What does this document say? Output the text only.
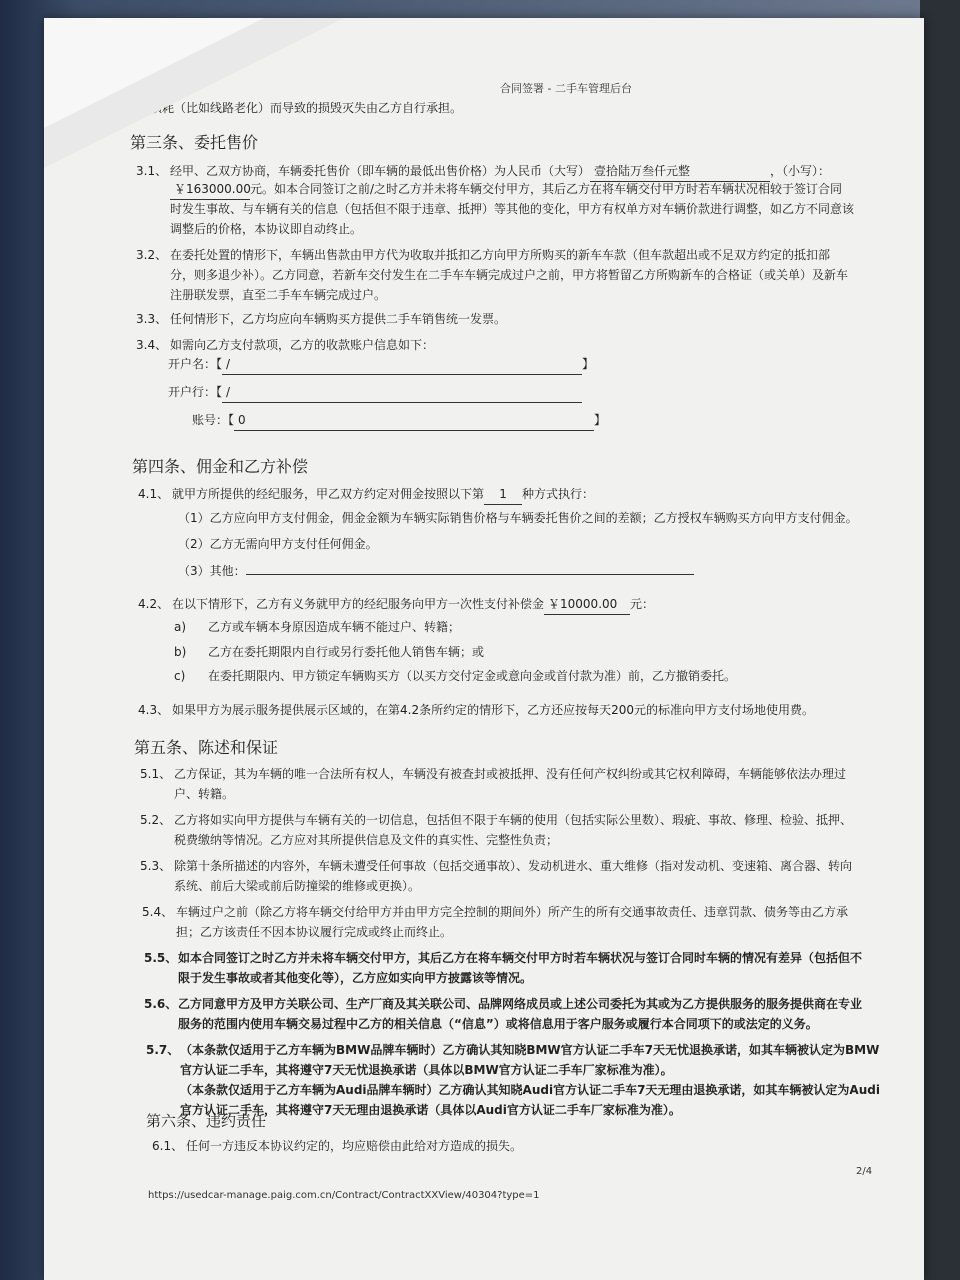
10:39	合同签署 - 二手车管理后台
损耗（比如线路老化）而导致的损毁灭失由乙方自行承担。
第三条、委托售价
3.1、 经甲、乙双方协商，车辆委托售价（即车辆的最低出售价格）为人民币（大写） 壹拾陆万叁仟元整	，（小写）：
￥163000.00元。如本合同签订之前/之时乙方并未将车辆交付甲方，其后乙方在将车辆交付甲方时若车辆状况相较于签订合同
时发生事故、与车辆有关的信息（包括但不限于违章、抵押）等其他的变化，甲方有权单方对车辆价款进行调整，如乙方不同意该
调整后的价格，本协议即自动终止。
3.2、 在委托处置的情形下，车辆出售款由甲方代为收取并抵扣乙方向甲方所购买的新车车款（但车款超出或不足双方约定的抵扣部
分，则多退少补）。乙方同意，若新车交付发生在二手车车辆完成过户之前，甲方将暂留乙方所购新车的合格证（或关单）及新车
注册联发票，直至二手车车辆完成过户。
3.3、 任何情形下，乙方均应向车辆购买方提供二手车销售统一发票。
3.4、 如需向乙方支付款项，乙方的收款账户信息如下：
开户名：【 /	】
开户行：【 /
账号：【 0	】
第四条、佣金和乙方补偿
4.1、 就甲方所提供的经纪服务，甲乙双方约定对佣金按照以下第 1 种方式执行：
（1）乙方应向甲方支付佣金，佣金金额为车辆实际销售价格与车辆委托售价之间的差额；乙方授权车辆购买方向甲方支付佣金。
（2）乙方无需向甲方支付任何佣金。
（3）其他：
4.2、 在以下情形下，乙方有义务就甲方的经纪服务向甲方一次性支付补偿金 ￥10000.00 元：
a) 乙方或车辆本身原因造成车辆不能过户、转籍；
b) 乙方在委托期限内自行或另行委托他人销售车辆；或
c) 在委托期限内、甲方锁定车辆购买方（以买方交付定金或意向金或首付款为准）前，乙方撤销委托。
4.3、 如果甲方为展示服务提供展示区域的，在第4.2条所约定的情形下，乙方还应按每天200元的标准向甲方支付场地使用费。
第五条、陈述和保证
5.1、 乙方保证，其为车辆的唯一合法所有权人，车辆没有被查封或被抵押、没有任何产权纠纷或其它权利障碍，车辆能够依法办理过
户、转籍。
5.2、 乙方将如实向甲方提供与车辆有关的一切信息，包括但不限于车辆的使用（包括实际公里数）、瑕疵、事故、修理、检验、抵押、
税费缴纳等情况。乙方应对其所提供信息及文件的真实性、完整性负责；
5.3、 除第十条所描述的内容外，车辆未遭受任何事故（包括交通事故）、发动机进水、重大维修（指对发动机、变速箱、离合器、转向
系统、前后大梁或前后防撞梁的维修或更换）。
5.4、 车辆过户之前（除乙方将车辆交付给甲方并由甲方完全控制的期间外）所产生的所有交通事故责任、违章罚款、债务等由乙方承
担；乙方该责任不因本协议履行完成或终止而终止。
5.5、如本合同签订之时乙方并未将车辆交付甲方，其后乙方在将车辆交付甲方时若车辆状况与签订合同时车辆的情况有差异（包括但不
限于发生事故或者其他变化等），乙方应如实向甲方披露该等情况。
5.6、乙方同意甲方及甲方关联公司、生产厂商及其关联公司、品牌网络成员或上述公司委托为其或为乙方提供服务的服务提供商在专业
服务的范围内使用车辆交易过程中乙方的相关信息（“信息”）或将信息用于客户服务或履行本合同项下的或法定的义务。
5.7、（本条款仅适用于乙方车辆为BMW品牌车辆时）乙方确认其知晓BMW官方认证二手车7天无忧退换承诺，如其车辆被认定为BMW
官方认证二手车，其将遵守7天无忧退换承诺（具体以BMW官方认证二手车厂家标准为准）。
（本条款仅适用于乙方车辆为Audi品牌车辆时）乙方确认其知晓Audi官方认证二手车7天无理由退换承诺，如其车辆被认定为Audi
官方认证二手车，其将遵守7天无理由退换承诺（具体以Audi官方认证二手车厂家标准为准）。
第六条、违约责任
6.1、 任何一方违反本协议约定的，均应赔偿由此给对方造成的损失。
2/4
https://usedcar-manage.paig.com.cn/Contract/ContractXXView/40304?type=1
